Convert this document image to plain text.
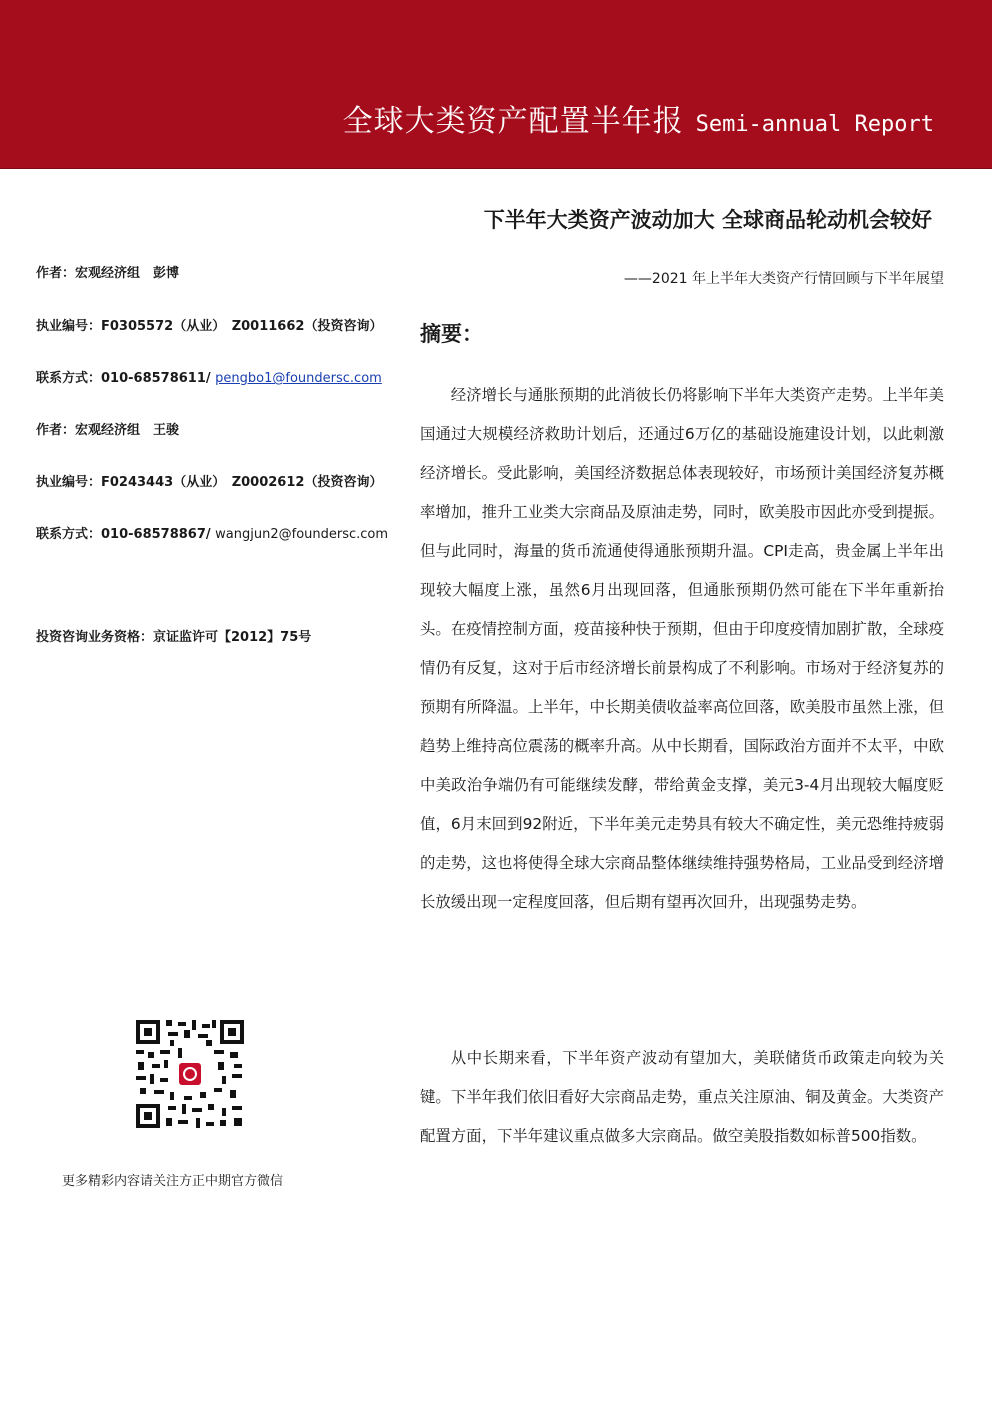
全球大类资产配置半年报 Semi-annual Report
下半年大类资产波动加大 全球商品轮动机会较好
——2021 年上半年大类资产行情回顾与下半年展望
作者：宏观经济组　彭博
执业编号：F0305572（从业）　Z0011662（投资咨询）
联系方式：010-68578611/ pengbo1@foundersc.com
作者：宏观经济组　王骏
执业编号：F0243443（从业）　Z0002612（投资咨询）
联系方式：010-68578867/ wangjun2@foundersc.com
投资咨询业务资格：京证监许可【2012】75号
更多精彩内容请关注方正中期官方微信
摘要：

经济增长与通胀预期的此消彼长仍将影响下半年大类资产走势。上半年美国通过大规模经济救助计划后，还通过6万亿的基础设施建设计划，以此刺激经济增长。受此影响，美国经济数据总体表现较好，市场预计美国经济复苏概率增加，推升工业类大宗商品及原油走势，同时，欧美股市因此亦受到提振。但与此同时，海量的货币流通使得通胀预期升温。CPI走高，贵金属上半年出现较大幅度上涨，虽然6月出现回落，但通胀预期仍然可能在下半年重新抬头。在疫情控制方面，疫苗接种快于预期，但由于印度疫情加剧扩散，全球疫情仍有反复，这对于后市经济增长前景构成了不利影响。市场对于经济复苏的预期有所降温。上半年，中长期美债收益率高位回落，欧美股市虽然上涨，但趋势上维持高位震荡的概率升高。从中长期看，国际政治方面并不太平，中欧中美政治争端仍有可能继续发酵，带给黄金支撑，美元3-4月出现较大幅度贬值，6月末回到92附近，下半年美元走势具有较大不确定性，美元恐维持疲弱的走势，这也将使得全球大宗商品整体继续维持强势格局，工业品受到经济增长放缓出现一定程度回落，但后期有望再次回升，出现强势走势。

从中长期来看，下半年资产波动有望加大，美联储货币政策走向较为关键。下半年我们依旧看好大宗商品走势，重点关注原油、铜及黄金。大类资产配置方面，下半年建议重点做多大宗商品。做空美股指数如标普500指数。
